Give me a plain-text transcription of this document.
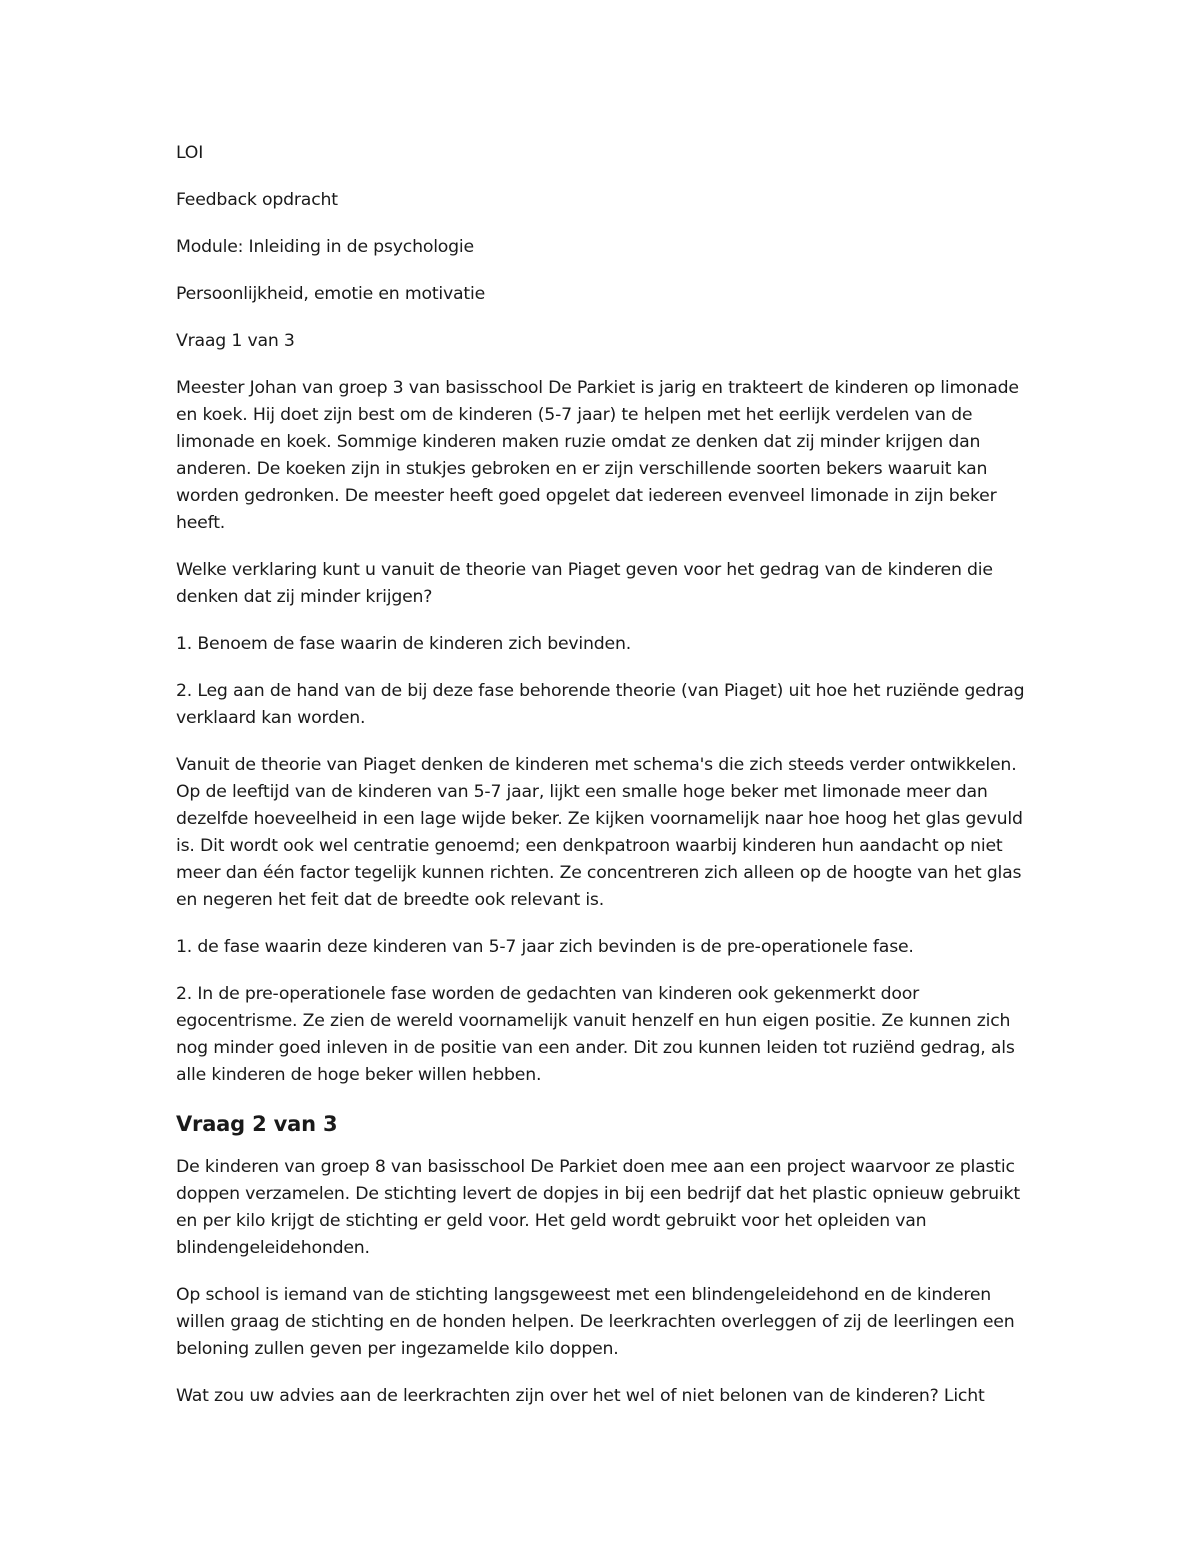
LOI

Feedback opdracht

Module: Inleiding in de psychologie

Persoonlijkheid, emotie en motivatie

Vraag 1 van 3

Meester Johan van groep 3 van basisschool De Parkiet is jarig en trakteert de kinderen op limonade en koek. Hij doet zijn best om de kinderen (5-7 jaar) te helpen met het eerlijk verdelen van de limonade en koek. Sommige kinderen maken ruzie omdat ze denken dat zij minder krijgen dan anderen. De koeken zijn in stukjes gebroken en er zijn verschillende soorten bekers waaruit kan worden gedronken. De meester heeft goed opgelet dat iedereen evenveel limonade in zijn beker heeft.

Welke verklaring kunt u vanuit de theorie van Piaget geven voor het gedrag van de kinderen die denken dat zij minder krijgen?

1. Benoem de fase waarin de kinderen zich bevinden.

2. Leg aan de hand van de bij deze fase behorende theorie (van Piaget) uit hoe het ruziënde gedrag verklaard kan worden.

Vanuit de theorie van Piaget denken de kinderen met schema's die zich steeds verder ontwikkelen. Op de leeftijd van de kinderen van 5-7 jaar, lijkt een smalle hoge beker met limonade meer dan dezelfde hoeveelheid in een lage wijde beker. Ze kijken voornamelijk naar hoe hoog het glas gevuld is. Dit wordt ook wel centratie genoemd; een denkpatroon waarbij kinderen hun aandacht op niet meer dan één factor tegelijk kunnen richten. Ze concentreren zich alleen op de hoogte van het glas en negeren het feit dat de breedte ook relevant is.

1. de fase waarin deze kinderen van 5-7 jaar zich bevinden is de pre-operationele fase.

2. In de pre-operationele fase worden de gedachten van kinderen ook gekenmerkt door egocentrisme. Ze zien de wereld voornamelijk vanuit henzelf en hun eigen positie. Ze kunnen zich nog minder goed inleven in de positie van een ander. Dit zou kunnen leiden tot ruziënd gedrag, als alle kinderen de hoge beker willen hebben.

Vraag 2 van 3

De kinderen van groep 8 van basisschool De Parkiet doen mee aan een project waarvoor ze plastic doppen verzamelen. De stichting levert de dopjes in bij een bedrijf dat het plastic opnieuw gebruikt en per kilo krijgt de stichting er geld voor. Het geld wordt gebruikt voor het opleiden van blindengeleidehonden.

Op school is iemand van de stichting langsgeweest met een blindengeleidehond en de kinderen willen graag de stichting en de honden helpen. De leerkrachten overleggen of zij de leerlingen een beloning zullen geven per ingezamelde kilo doppen.

Wat zou uw advies aan de leerkrachten zijn over het wel of niet belonen van de kinderen? Licht
